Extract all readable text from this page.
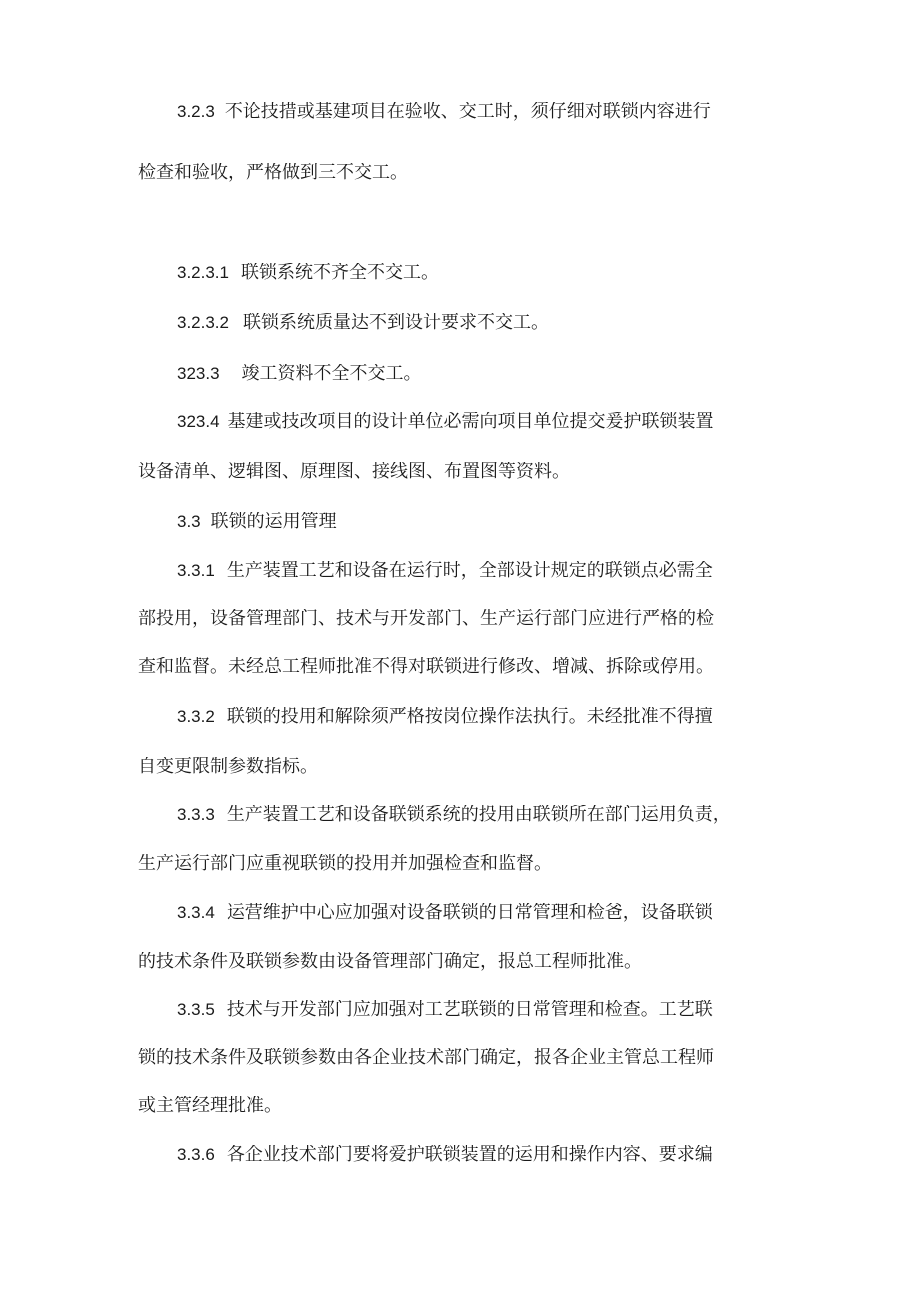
3.2.3 不论技措或基建项目在验收、交工时，须仔细对联锁内容进行
检查和验收，严格做到三不交工。
3.2.3.1 联锁系统不齐全不交工。
3.2.3.2 联锁系统质量达不到设计要求不交工。
323.3 竣工资料不全不交工。
323.4 基建或技改项目的设计单位必需向项目单位提交爰护联锁装置
设备清单、逻辑图、原理图、接线图、布置图等资料。
3.3 联锁的运用管理
3.3.1 生产装置工艺和设备在运行时，全部设计规定的联锁点必需全
部投用，设备管理部门、技术与开发部门、生产运行部门应进行严格的检
查和监督。未经总工程师批准不得对联锁进行修改、增减、拆除或停用。
3.3.2 联锁的投用和解除须严格按岗位操作法执行。未经批准不得擅
自变更限制参数指标。
3.3.3 生产装置工艺和设备联锁系统的投用由联锁所在部门运用负责，
生产运行部门应重视联锁的投用并加强检查和监督。
3.3.4 运营维护中心应加强对设备联锁的日常管理和检爸，设备联锁
的技术条件及联锁参数由设备管理部门确定，报总工程师批准。
3.3.5 技术与开发部门应加强对工艺联锁的日常管理和检查。工艺联
锁的技术条件及联锁参数由各企业技术部门确定，报各企业主管总工程师
或主管经理批准。
3.3.6 各企业技术部门要将爱护联锁装置的运用和操作内容、要求编
